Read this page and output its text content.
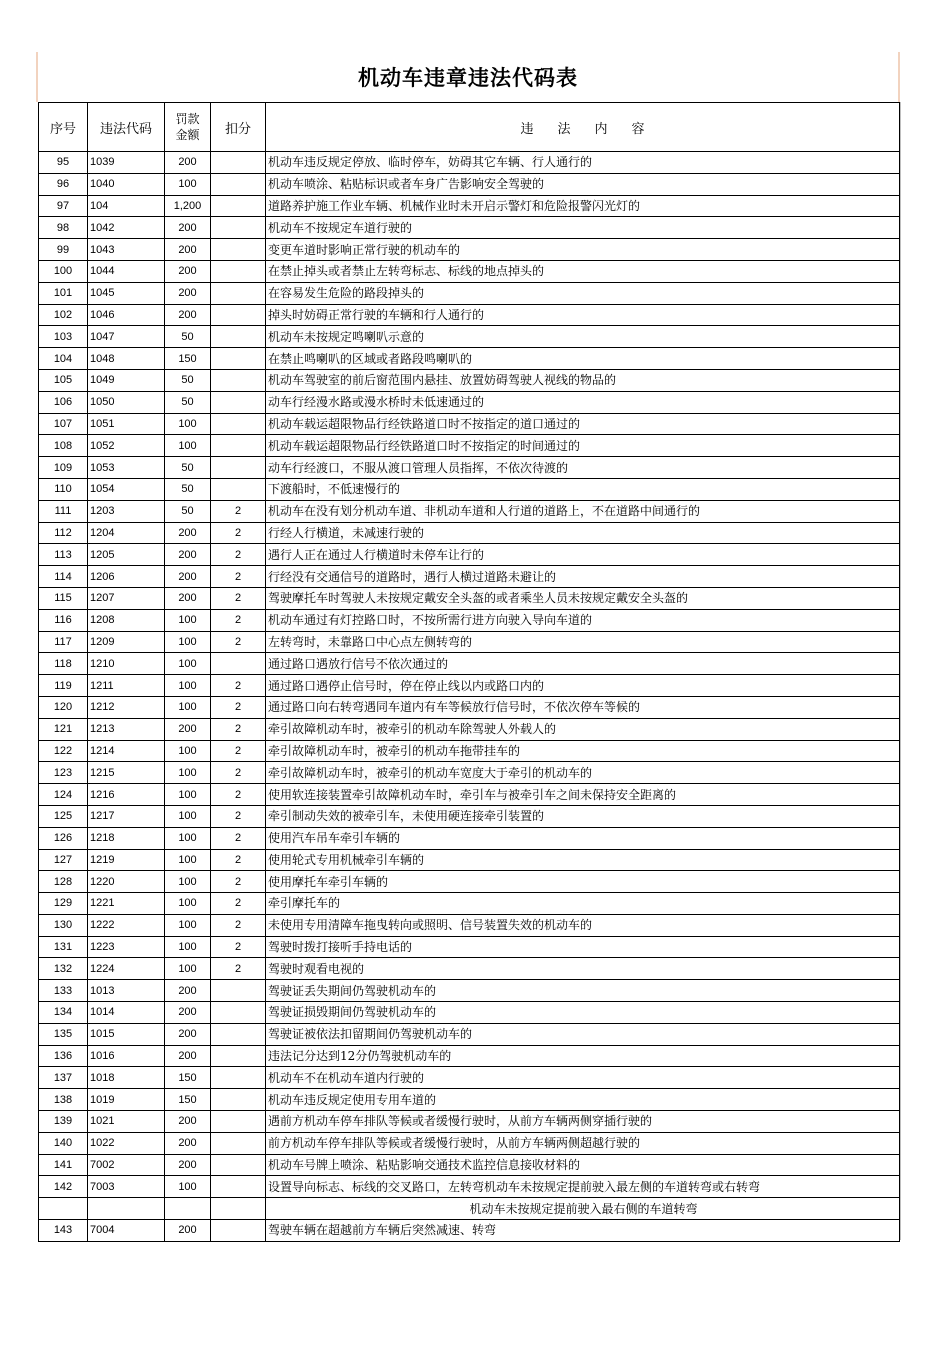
机动车违章违法代码表
序号	违法代码	罚款金额	扣分	违法内容
95	1039	200		机动车违反规定停放、临时停车，妨碍其它车辆、行人通行的
96	1040	100		机动车喷涂、粘贴标识或者车身广告影响安全驾驶的
97	104	1,200		道路养护施工作业车辆、机械作业时未开启示警灯和危险报警闪光灯的
98	1042	200		机动车不按规定车道行驶的
99	1043	200		变更车道时影响正常行驶的机动车的
100	1044	200		在禁止掉头或者禁止左转弯标志、标线的地点掉头的
101	1045	200		在容易发生危险的路段掉头的
102	1046	200		掉头时妨碍正常行驶的车辆和行人通行的
103	1047	50		机动车未按规定鸣喇叭示意的
104	1048	150		在禁止鸣喇叭的区域或者路段鸣喇叭的
105	1049	50		机动车驾驶室的前后窗范围内悬挂、放置妨碍驾驶人视线的物品的
106	1050	50		动车行经漫水路或漫水桥时未低速通过的
107	1051	100		机动车载运超限物品行经铁路道口时不按指定的道口通过的
108	1052	100		机动车载运超限物品行经铁路道口时不按指定的时间通过的
109	1053	50		动车行经渡口，不服从渡口管理人员指挥，不依次待渡的
110	1054	50		下渡船时，不低速慢行的
111	1203	50	2	机动车在没有划分机动车道、非机动车道和人行道的道路上，不在道路中间通行的
112	1204	200	2	行经人行横道，未减速行驶的
113	1205	200	2	遇行人正在通过人行横道时未停车让行的
114	1206	200	2	行经没有交通信号的道路时，遇行人横过道路未避让的
115	1207	200	2	驾驶摩托车时驾驶人未按规定戴安全头盔的或者乘坐人员未按规定戴安全头盔的
116	1208	100	2	机动车通过有灯控路口时，不按所需行进方向驶入导向车道的
117	1209	100	2	左转弯时，未靠路口中心点左侧转弯的
118	1210	100		通过路口遇放行信号不依次通过的
119	1211	100	2	通过路口遇停止信号时，停在停止线以内或路口内的
120	1212	100	2	通过路口向右转弯遇同车道内有车等候放行信号时，不依次停车等候的
121	1213	200	2	牵引故障机动车时，被牵引的机动车除驾驶人外载人的
122	1214	100	2	牵引故障机动车时，被牵引的机动车拖带挂车的
123	1215	100	2	牵引故障机动车时，被牵引的机动车宽度大于牵引的机动车的
124	1216	100	2	使用软连接装置牵引故障机动车时，牵引车与被牵引车之间未保持安全距离的
125	1217	100	2	牵引制动失效的被牵引车，未使用硬连接牵引装置的
126	1218	100	2	使用汽车吊车牵引车辆的
127	1219	100	2	使用轮式专用机械牵引车辆的
128	1220	100	2	使用摩托车牵引车辆的
129	1221	100	2	牵引摩托车的
130	1222	100	2	未使用专用清障车拖曳转向或照明、信号装置失效的机动车的
131	1223	100	2	驾驶时拨打接听手持电话的
132	1224	100	2	驾驶时观看电视的
133	1013	200		驾驶证丢失期间仍驾驶机动车的
134	1014	200		驾驶证损毁期间仍驾驶机动车的
135	1015	200		驾驶证被依法扣留期间仍驾驶机动车的
136	1016	200		违法记分达到12分仍驾驶机动车的
137	1018	150		机动车不在机动车道内行驶的
138	1019	150		机动车违反规定使用专用车道的
139	1021	200		遇前方机动车停车排队等候或者缓慢行驶时，从前方车辆两侧穿插行驶的
140	1022	200		前方机动车停车排队等候或者缓慢行驶时，从前方车辆两侧超越行驶的
141	7002	200		机动车号牌上喷涂、粘贴影响交通技术监控信息接收材料的
142	7003	100		设置导向标志、标线的交叉路口，左转弯机动车未按规定提前驶入最左侧的车道转弯或右转弯
				机动车未按规定提前驶入最右侧的车道转弯
143	7004	200		驾驶车辆在超越前方车辆后突然减速、转弯
